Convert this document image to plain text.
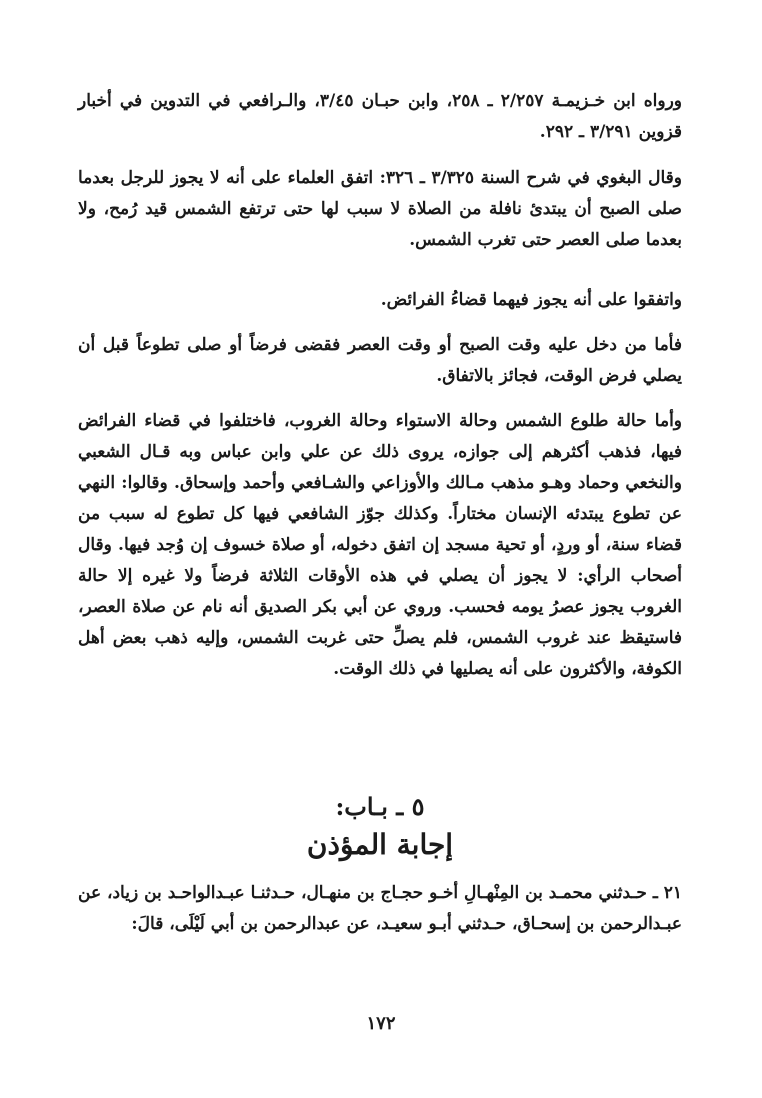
ورواه ابن خـزيمـة ٢/٢٥٧ ـ ٢٥٨، وابن حبـان ٣/٤٥، والـرافعي في التدوين في أخبار قزوين ٣/٢٩١ ـ ٢٩٢.

وقال البغوي في شرح السنة ٣/٣٢٥ ـ ٣٢٦: اتفق العلماء على أنه لا يجوز للرجل بعدما صلى الصبح أن يبتدئ نافلة من الصلاة لا سبب لها حتى ترتفع الشمس قيد رُمح، ولا بعدما صلى العصر حتى تغرب الشمس.

واتفقوا على أنه يجوز فيهما قضاءُ الفرائض.

فأما من دخل عليه وقت الصبح أو وقت العصر فقضى فرضاً أو صلى تطوعاً قبل أن يصلي فرض الوقت، فجائز بالاتفاق.

وأما حالة طلوع الشمس وحالة الاستواء وحالة الغروب، فاختلفوا في قضاء الفرائض فيها، فذهب أكثرهم إلى جوازه، يروى ذلك عن علي وابن عباس وبه قـال الشعبي والنخعي وحماد وهـو مذهب مـالك والأوزاعي والشـافعي وأحمد وإسحاق. وقالوا: النهي عن تطوع يبتدئه الإنسان مختاراً. وكذلك جوّز الشافعي فيها كل تطوع له سبب من قضاء سنة، أو وردٍ، أو تحية مسجد إن اتفق دخوله، أو صلاة خسوف إن وُجد فيها. وقال أصحاب الرأي: لا يجوز أن يصلي في هذه الأوقات الثلاثة فرضاً ولا غيره إلا حالة الغروب يجوز عصرُ يومه فحسب. وروي عن أبي بكر الصديق أنه نام عن صلاة العصر، فاستيقظ عند غروب الشمس، فلم يصلِّ حتى غربت الشمس، وإليه ذهب بعض أهل الكوفة، والأكثرون على أنه يصليها في ذلك الوقت.

٥ ـ بـاب:

إجابة المؤذن

٢١ ـ حـدثني محمـد بن المِنْهـالِ أخـو حجـاج بن منهـال، حـدثنـا عبـدالواحـد بن زياد، عن عبـدالرحمن بن إسحـاق، حـدثني أبـو سعيـد، عن عبدالرحمن بن أبي لَيْلَى، قالَ:

١٧٢
